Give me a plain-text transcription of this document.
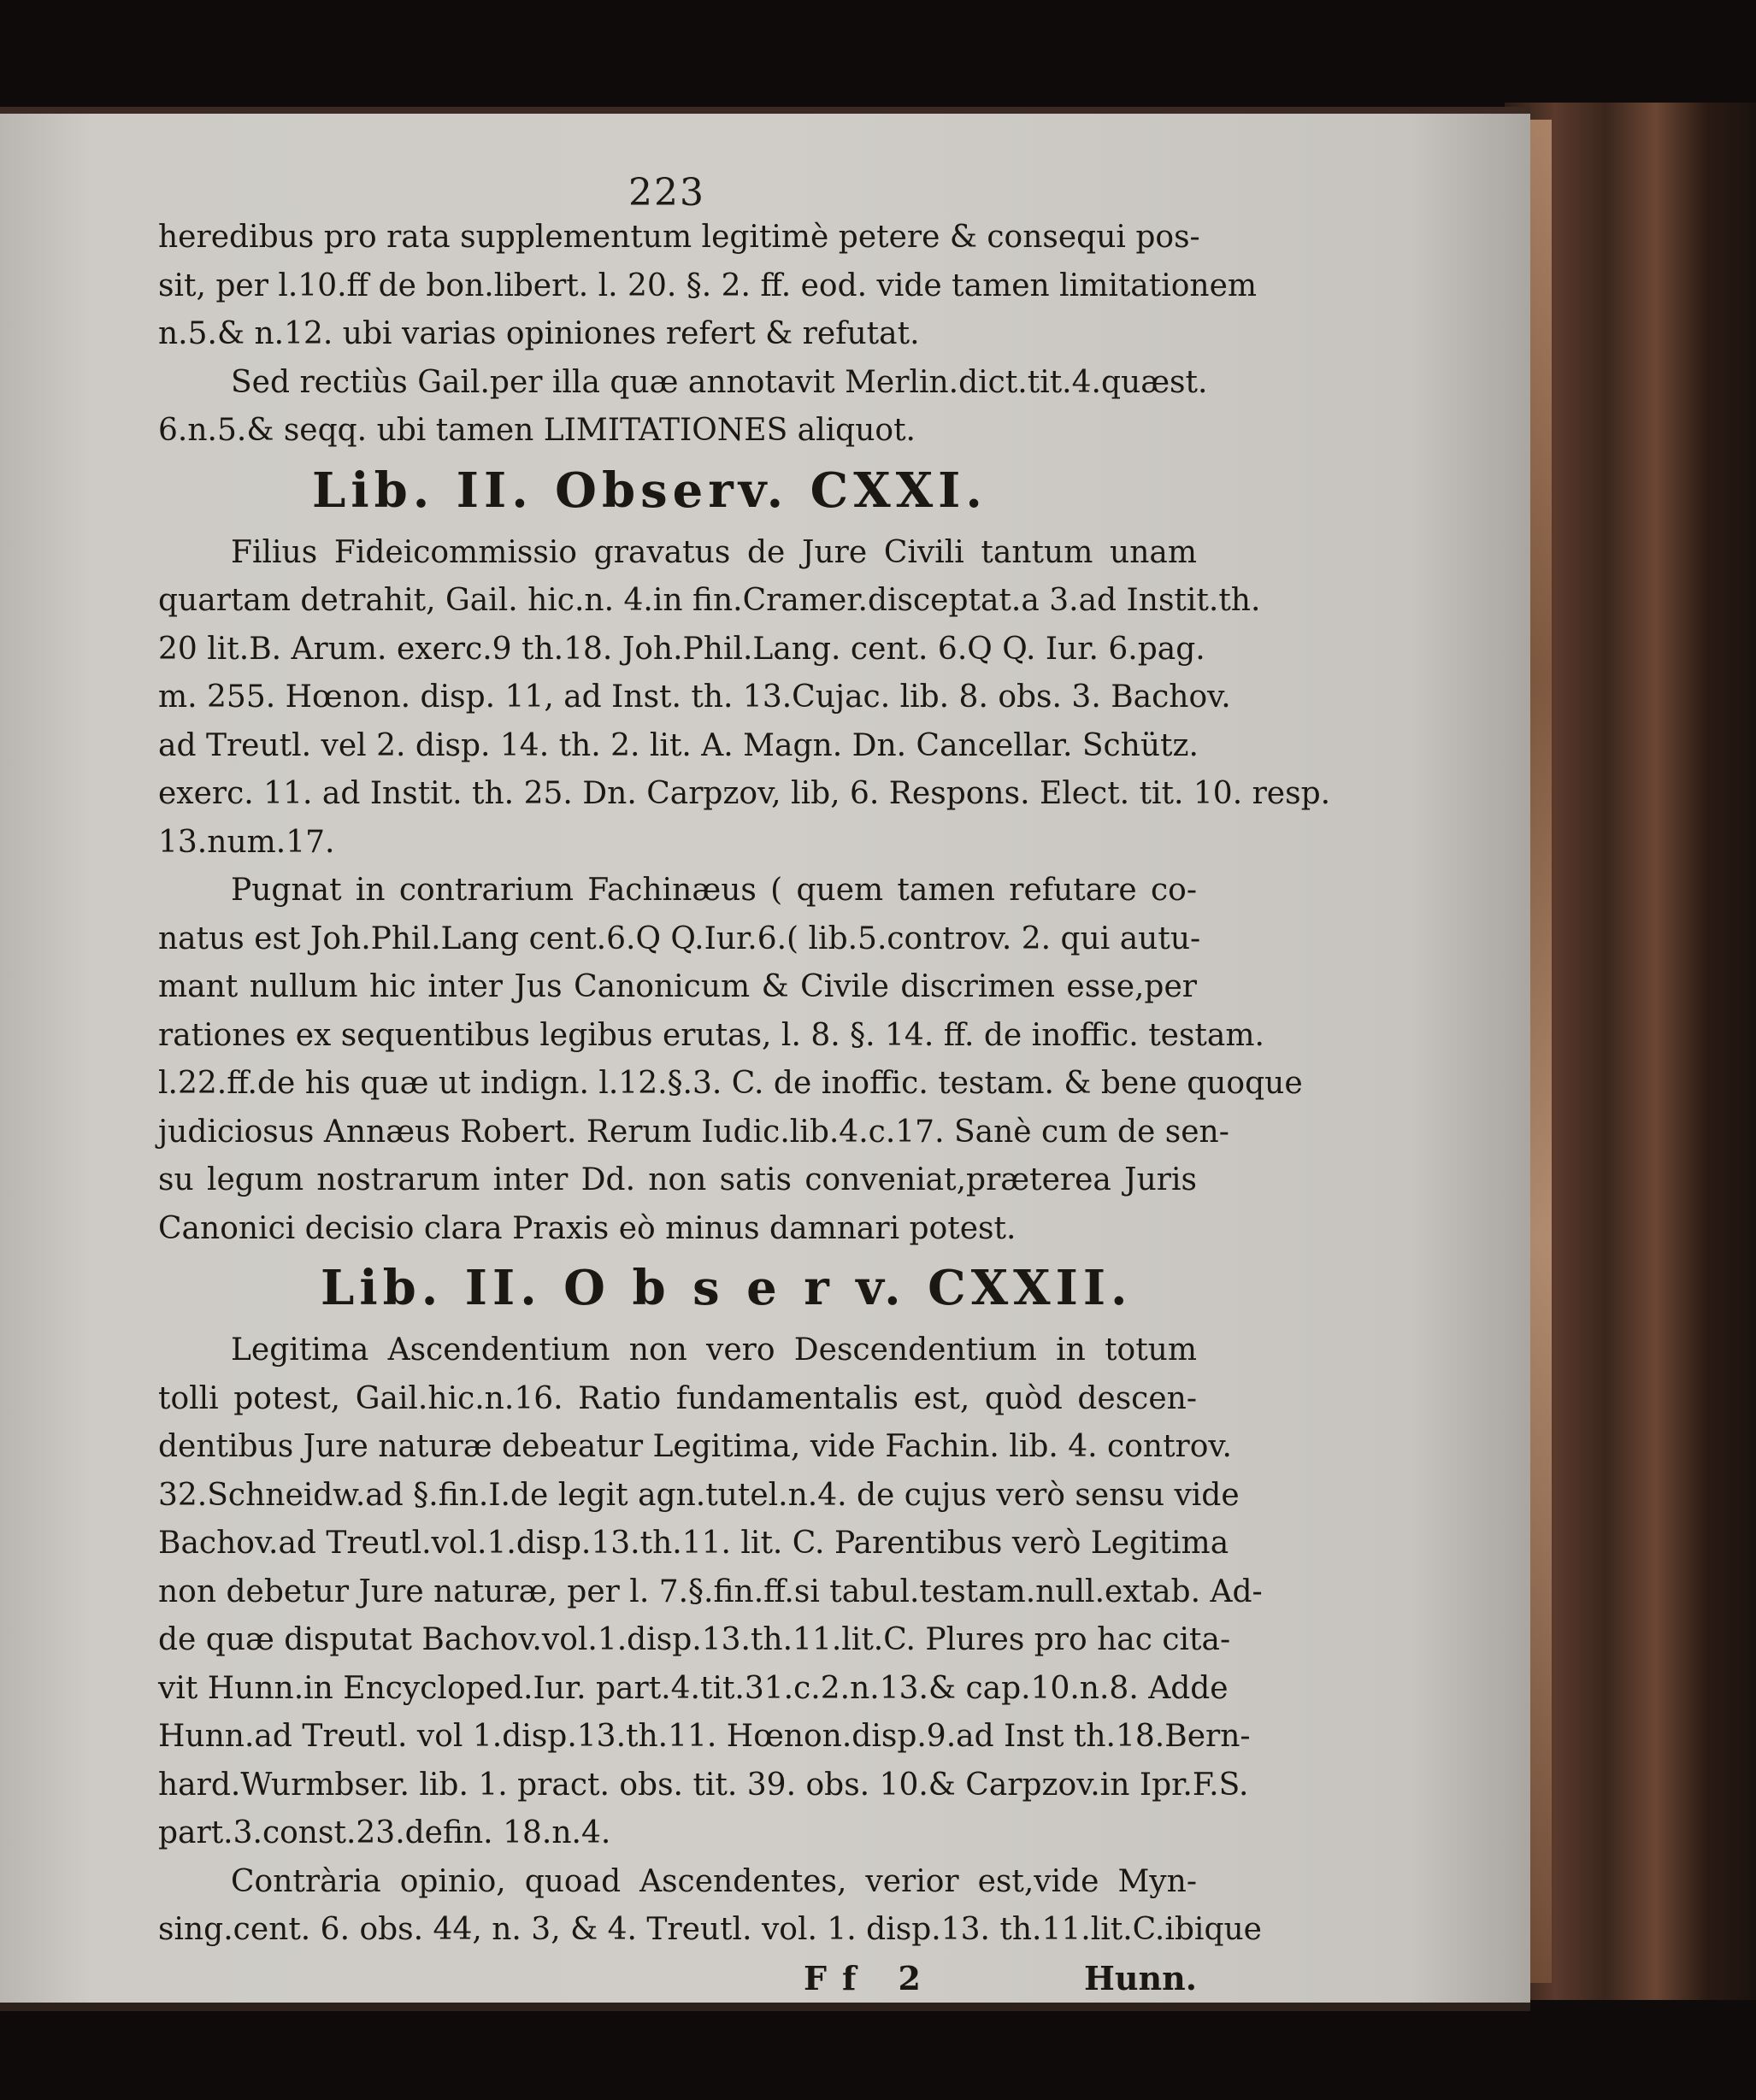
223
heredibus pro rata supplementum legitimè petere & consequi pos-
sit, per l.10.ff de bon.libert. l. 20. §. 2. ff. eod. vide tamen limitationem
n.5.& n.12. ubi varias opiniones refert & refutat.
Sed rectiùs Gail.per illa quæ annotavit Merlin.dict.tit.4.quæst.
6.n.5.& seqq. ubi tamen LIMITATIONES aliquot.
Lib. II. Observ. CXXI.
Filius Fideicommissio gravatus de Jure Civili tantum unam
quartam detrahit, Gail. hic.n. 4.in fin.Cramer.disceptat.a 3.ad Instit.th.
20 lit.B. Arum. exerc.9 th.18. Joh.Phil.Lang. cent. 6.Q Q. Iur. 6.pag.
m. 255. Hœnon. disp. 11, ad Inst. th. 13.Cujac. lib. 8. obs. 3. Bachov.
ad Treutl. vel 2. disp. 14. th. 2. lit. A. Magn. Dn. Cancellar. Schütz.
exerc. 11. ad Instit. th. 25. Dn. Carpzov, lib, 6. Respons. Elect. tit. 10. resp.
13.num.17.
Pugnat in contrarium Fachinæus ( quem tamen refutare co-
natus est Joh.Phil.Lang cent.6.Q Q.Iur.6.( lib.5.controv. 2. qui autu-
mant nullum hic inter Jus Canonicum & Civile discrimen esse,per
rationes ex sequentibus legibus erutas, l. 8. §. 14. ff. de inoffic. testam.
l.22.ff.de his quæ ut indign. l.12.§.3. C. de inoffic. testam. & bene quoque
judiciosus Annæus Robert. Rerum Iudic.lib.4.c.17. Sanè cum de sen-
su legum nostrarum inter Dd. non satis conveniat,præterea Juris
Canonici decisio clara Praxis eò minus damnari potest.
Lib. II. O b s e r v. CXXII.
Legitima Ascendentium non vero Descendentium in totum
tolli potest, Gail.hic.n.16. Ratio fundamentalis est, quòd descen-
dentibus Jure naturæ debeatur Legitima, vide Fachin. lib. 4. controv.
32.Schneidw.ad §.fin.I.de legit agn.tutel.n.4. de cujus verò sensu vide
Bachov.ad Treutl.vol.1.disp.13.th.11. lit. C. Parentibus verò Legitima
non debetur Jure naturæ, per l. 7.§.fin.ff.si tabul.testam.null.extab. Ad-
de quæ disputat Bachov.vol.1.disp.13.th.11.lit.C. Plures pro hac cita-
vit Hunn.in Encycloped.Iur. part.4.tit.31.c.2.n.13.& cap.10.n.8. Adde
Hunn.ad Treutl. vol 1.disp.13.th.11. Hœnon.disp.9.ad Inst th.18.Bern-
hard.Wurmbser. lib. 1. pract. obs. tit. 39. obs. 10.& Carpzov.in Ipr.F.S.
part.3.const.23.defin. 18.n.4.
Contrària opinio, quoad Ascendentes, verior est,vide Myn-
sing.cent. 6. obs. 44, n. 3, & 4. Treutl. vol. 1. disp.13. th.11.lit.C.ibique
Ff 2	Hunn.
